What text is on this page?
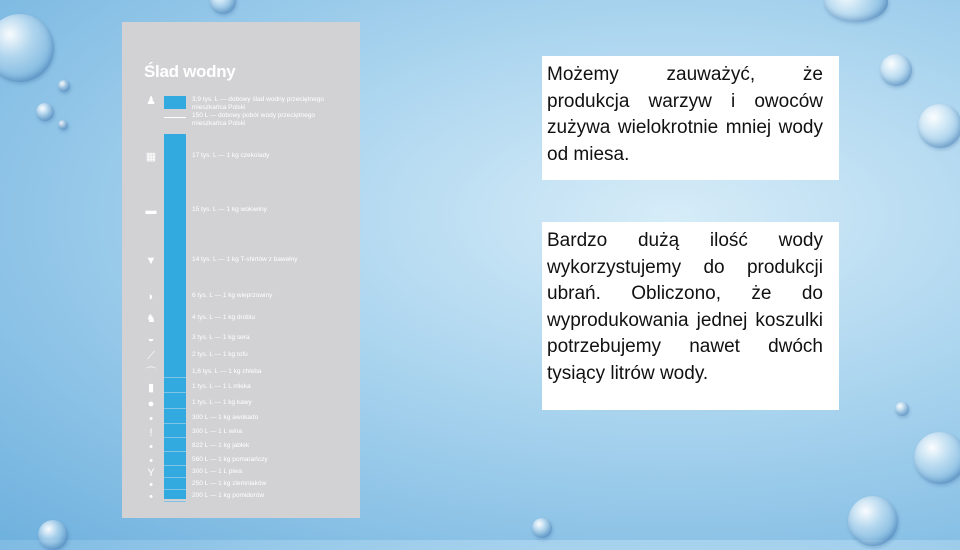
Ślad wodny
♟	3,9 tys. L — dobowy ślad wodny przeciętnego mieszkańca Polski
150 L — dobowy pobór wody przeciętnego mieszkańca Polski
▦	17 tys. L — 1 kg czekolady
▬	15 tys. L — 1 kg wołowiny
▼	14 tys. L — 1 kg T-shirtów z bawełny
◗	6 tys. L — 1 kg wieprzowiny
♞	4 tys. L — 1 kg drobiu
◒	3 tys. L — 1 kg sera
⟋	2 tys. L — 1 kg tofu
⌒	1,6 tys. L — 1 kg chleba
▮	1 tys. L — 1 L mleka
●	1 tys. L — 1 kg kawy
•	300 L — 1 kg awokado
!	300 L — 1 L wina
•	822 L — 1 kg jabłek
•	560 L — 1 kg pomarańczy
Y	300 L — 1 L piwa
•	250 L — 1 kg ziemniaków
•	200 L — 1 kg pomidorów

Możemy zauważyć, że produkcja warzyw i owoców zużywa wielokrotnie mniej wody od miesa.

Bardzo dużą ilość wody wykorzystujemy do produkcji ubrań. Obliczono, że do wyprodukowania jednej koszulki potrzebujemy nawet dwóch tysiący litrów wody.
